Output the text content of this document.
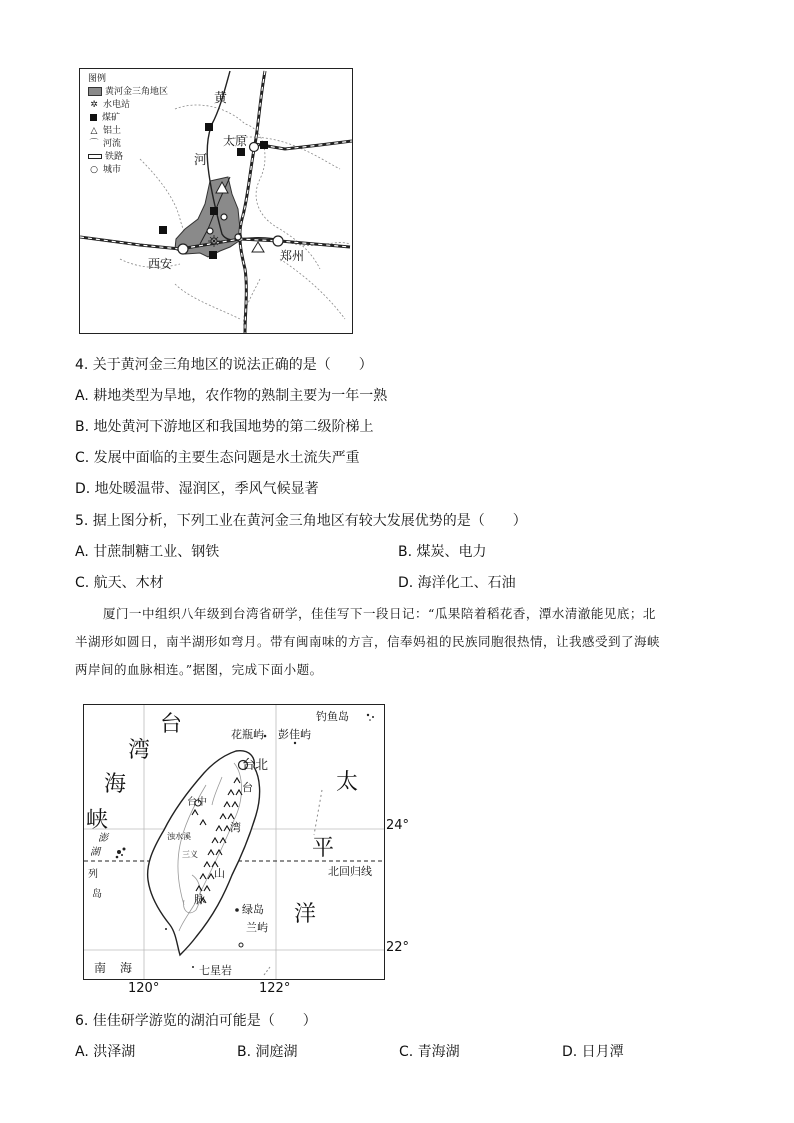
图例
黄河金三角地区
✲ 水电站
煤矿
△ 铝土
⌒ 河流
铁路
○ 城市
黄
河
太原
西安
郑州
4. 关于黄河金三角地区的说法正确的是（　　）
A. 耕地类型为旱地，农作物的熟制主要为一年一熟
B. 地处黄河下游地区和我国地势的第二级阶梯上
C. 发展中面临的主要生态问题是水土流失严重
D. 地处暖温带、湿润区，季风气候显著
5. 据上图分析，下列工业在黄河金三角地区有较大发展优势的是（　　）
A. 甘蔗制糖工业、钢铁	B. 煤炭、电力
C. 航天、木材	D. 海洋化工、石油
厦门一中组织八年级到台湾省研学，佳佳写下一段日记：“瓜果陪着稻花香，潭水清澈能见底；北
半湖形如圆日，南半湖形如弯月。带有闽南味的方言，信奉妈祖的民族同胞很热情，让我感受到了海峡
两岸间的血脉相连。”据图，完成下面小题。
台
湾
海
峡
钓鱼岛
花瓶屿 彭佳屿
台北
台中
台
湾
山
脉
浊水溪
三义
澎
湖
列
岛
太
平
洋
北回归线
绿岛
兰屿
七星岩
南 海
24°
22°
120°	122°
6. 佳佳研学游览的湖泊可能是（　　）
A. 洪泽湖	B. 洞庭湖	C. 青海湖	D. 日月潭
